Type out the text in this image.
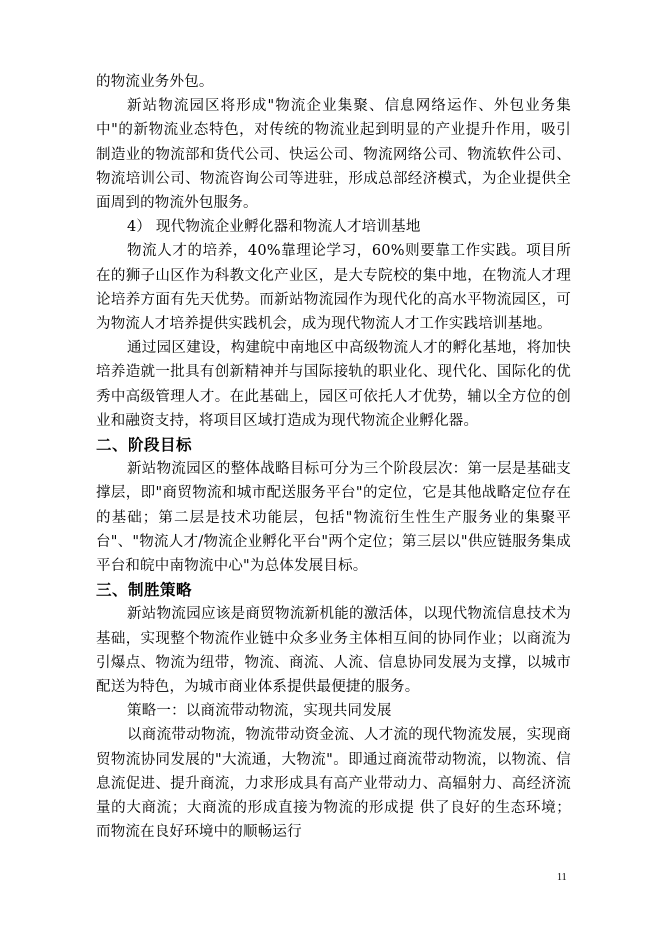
的物流业务外包。

新站物流园区将形成"物流企业集聚、信息网络运作、外包业务集中"的新物流业态特色，对传统的物流业起到明显的产业提升作用，吸引制造业的物流部和货代公司、快运公司、物流网络公司、物流软件公司、物流培训公司、物流咨询公司等进驻，形成总部经济模式，为企业提供全面周到的物流外包服务。

4） 现代物流企业孵化器和物流人才培训基地

物流人才的培养，40%靠理论学习，60%则要靠工作实践。项目所在的狮子山区作为科教文化产业区，是大专院校的集中地，在物流人才理论培养方面有先天优势。而新站物流园作为现代化的高水平物流园区，可为物流人才培养提供实践机会，成为现代物流人才工作实践培训基地。

通过园区建设，构建皖中南地区中高级物流人才的孵化基地，将加快培养造就一批具有创新精神并与国际接轨的职业化、现代化、国际化的优秀中高级管理人才。在此基础上，园区可依托人才优势，辅以全方位的创业和融资支持，将项目区域打造成为现代物流企业孵化器。

二、阶段目标

新站物流园区的整体战略目标可分为三个阶段层次：第一层是基础支撑层，即"商贸物流和城市配送服务平台"的定位，它是其他战略定位存在的基础；第二层是技术功能层，包括"物流衍生性生产服务业的集聚平台"、"物流人才/物流企业孵化平台"两个定位；第三层以"供应链服务集成平台和皖中南物流中心"为总体发展目标。

三、制胜策略

新站物流园应该是商贸物流新机能的激活体，以现代物流信息技术为基础，实现整个物流作业链中众多业务主体相互间的协同作业；以商流为引爆点、物流为纽带，物流、商流、人流、信息协同发展为支撑，以城市配送为特色，为城市商业体系提供最便捷的服务。

策略一：以商流带动物流，实现共同发展

以商流带动物流，物流带动资金流、人才流的现代物流发展，实现商贸物流协同发展的"大流通，大物流"。即通过商流带动物流，以物流、信息流促进、提升商流，力求形成具有高产业带动力、高辐射力、高经济流量的大商流；大商流的形成直接为物流的形成提 供了良好的生态环境；而物流在良好环境中的顺畅运行

11
